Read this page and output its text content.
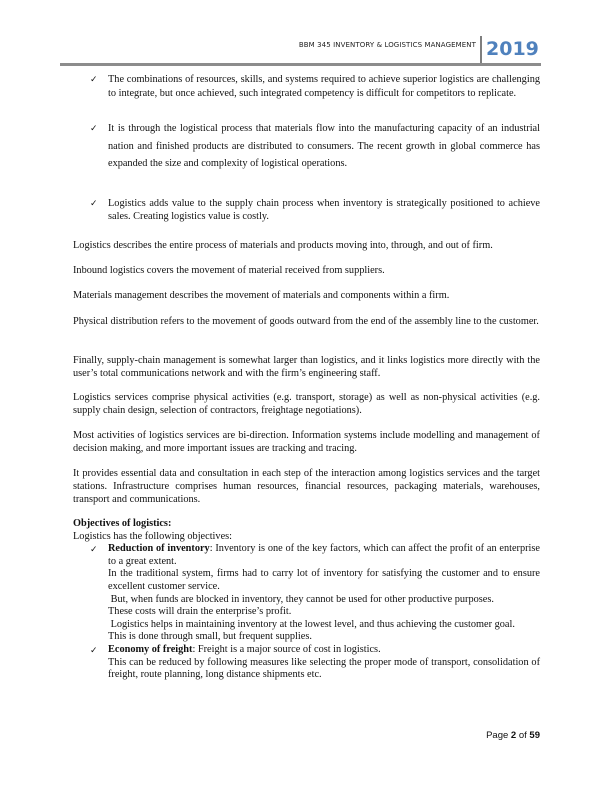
BBM 345 INVENTORY & LOGISTICS MANAGEMENT 2019
✓ The combinations of resources, skills, and systems required to achieve superior logistics are challenging to integrate, but once achieved, such integrated competency is difficult for competitors to replicate.

✓ It is through the logistical process that materials flow into the manufacturing capacity of an industrial nation and finished products are distributed to consumers. The recent growth in global commerce has expanded the size and complexity of logistical operations.

✓ Logistics adds value to the supply chain process when inventory is strategically positioned to achieve sales. Creating logistics value is costly.

Logistics describes the entire process of materials and products moving into, through, and out of firm.

Inbound logistics covers the movement of material received from suppliers.

Materials management describes the movement of materials and components within a firm.

Physical distribution refers to the movement of goods outward from the end of the assembly line to the customer.

Finally, supply-chain management is somewhat larger than logistics, and it links logistics more directly with the user’s total communications network and with the firm’s engineering staff.

Logistics services comprise physical activities (e.g. transport, storage) as well as non-physical activities (e.g. supply chain design, selection of contractors, freightage negotiations).

Most activities of logistics services are bi-direction. Information systems include modelling and management of decision making, and more important issues are tracking and tracing.

It provides essential data and consultation in each step of the interaction among logistics services and the target stations. Infrastructure comprises human resources, financial resources, packaging materials, warehouses, transport and communications.

Objectives of logistics:

Logistics has the following objectives:

✓ Reduction of inventory: Inventory is one of the key factors, which can affect the profit of an enterprise to a great extent.

In the traditional system, firms had to carry lot of inventory for satisfying the customer and to ensure excellent customer service.

But, when funds are blocked in inventory, they cannot be used for other productive purposes.

These costs will drain the enterprise’s profit.

Logistics helps in maintaining inventory at the lowest level, and thus achieving the customer goal.

This is done through small, but frequent supplies.

✓ Economy of freight: Freight is a major source of cost in logistics.

This can be reduced by following measures like selecting the proper mode of transport, consolidation of freight, route planning, long distance shipments etc.

Page 2 of 59
